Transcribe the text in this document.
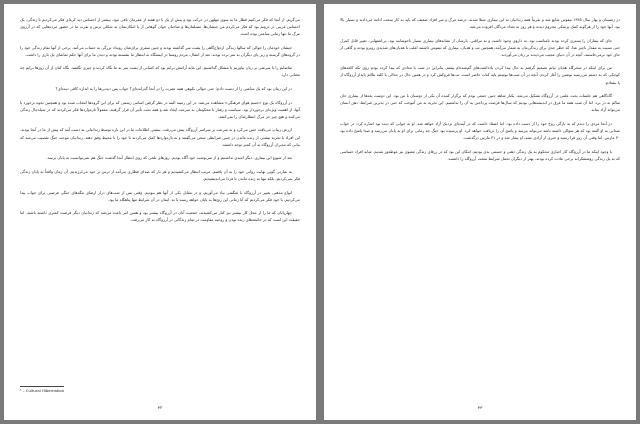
می‌گریم. از آنجا که فکر می‌کنیم قطار ما به سوی مهلهن در حرکت بود و پیش از یک با دو هفته از عمرمان باقی نبود، بیشتر از احساس دید کره‌ای فکر می‌کردیم تا زندگی. یک احساس غریبی در درونم بود که فکر می‌کردم من جیشان‌ها، مسلمان‌ها و صاحبان جوان گوهاتی از یا امکان‌شان به شکلی ترس و نفرت ما در حضور مرده‌هایی که در آرزوی مرگ ما تنها زمانی ساعتی بوده است.

جیشان خودمان را حوالی که سالها زندگی ازدواج‌گاهی را پشت سر گذاشته بودند و چنین سفری برای‌شان رویداد بزرگی به حساب می‌آمد. برخی از آنها تمام زندگی خود را در گروه‌های گرسنه و زیر پای دیگران به سر برده بودند. بعد از انتقال، مردم روستا در ایستگاه به انتظار ما نشسته بودند و دیدن ما برای آنها حکم تماشای یک بازی را داشت.

تقاضایم را با سرعتی بر زبان بیاوریم یا مشکل گذاشتیم. این مایه آرامش برایم بود که کسانی از پشت سر به ما نگاه کردند و چیزی نگفتند. نگاه کنان از آن روزها برایم چه معنایی دارد.

در این زمان بود که یک ساعتی را از دست دادم؛ حتی حوالی نکوهی همه عمرت را در آنجا گذرانده‌ای؟ جواب پس دیدنی‌ها را به اندازه کافی دیده‌ای؟

در آرزوگاه یک نوع «جسم هوای فرهنگی» مشاهده می‌شد. در این زمینه البته در نظر گرفتن اسامی رسمی که برای این گروه‌ها انتخاب شده بود و همچنین نحوه برخورد با آنها، از اهمیت ویژه‌ای برخوردار بود. سیاست و رفتار با محکومان به سرعت ایجاد شد و همه تحت تأثیر آن قرار گرفتند. معمولاً تازه‌واردها فکر می‌کردند که در سیاه‌چال زندگی می‌کنند و هیچ چیز جز مرگ انتظارشان را نمی‌کشد.

ارزش زیباپ می‌یافت حس می‌کرد و به سرعت بر سراسر آرزوگاه پیش می‌رفت. بیشتر، اطلاعات ما در این بازه توسط زندانیانی به دست آمد که پیش از ما در آنجا بودند. این افراد با تجربه بیشتر، از زنده ماندن در چنین شرایطی سخن می‌گفتند و به تازه‌واردها کمک می‌کردند تا خود را با محیط وفق دهند. زندانیان موجب جنگ تقصیب می‌شد که بیانی که مدیران آرزوگاه به آن کمتر توجه داشتند.

بعد از شیوع این بیماری، دیگر امیدی نداشتیم و از سرنوشت خود آگاه بودیم. روزهای تلخی که روی انتظار آنجا گذشت جنگ هم نمی‌توانست به پایان برسد.

به عبارتی گویی نهایت روانی خود را به آن یافتیم. مرتب انتظار می‌کشیدیم و هر بار که صدای قطاری می‌آمد از ترس بر خود می‌لرزیدیم. آن زمان واقعاً به پایان زندگی فکر نمی‌کردیم، بلکه تنها به زنده ماندن تا فردا می‌اندیشیدیم.

انواع مذهبی تغییر در آرزوگاه با شگفتی بیاد می‌آوریم، و در مقابل یکی از آنها هم نبودیم. وقتی پس از شب‌های دراز ارضای تنگه‌های جنگی فرصتی برای خواب پیدا می‌کردیم، با خود فکر می‌کردیم که آیا زمانی این رنج‌ها به پایان خواهد رسید یا نه. ایمان در آن شرایط تنها پناهگاه ما بود.

چهارپایان که ما را از محل کار بیشتر نیز کنار می‌کشیدند، جمعیت آنان در آرزوگاه بیشتر بود و همین امر باعث می‌شد که زندانیان دیگر فرصت کمتری داشته باشند. اما حقیقت این است که در جامعه‌های زنده بودن و روحیه مقاومت در تمام زندگانی در آرزوگاه به کار می‌رفت.

¹ – Cultural Hibernation
۳۲

در زمستان و بهار سال ۱۹۴۵ تیفوس شایع شد و تقریباً همه زندانیان به این بیماری مبتلا شدند. درصد مرگ و میر افزاد ضعیف که باید به کار سخت ادامه می‌دادند و بسیار بالا بود. آنها خود را از هرگونه کمک پزشکی محروم دیدند و هر روز به تعداد مردگان افزوده می‌شد.

جای که بیماران را بستری کرده بودند نامناسب بود. نه داروی وجود داشت و نه مراقبی. پارسان از نشانه‌های بیماری بسیار ناخوشایند بود. بی‌اشتهایی، تغییر قابل کنترل حتی نسبت به مقدار ناچیز غذا، که خطر جدی برای زندگی‌مان به شمار می‌آمد، همچنین تب و هذیان. بیماری که تیفوس داشتند اغلب با هذیان‌های شدیدی روبرو بودند و گاهی از جای خود برمی‌خاستند، آنچه در آن دنیای عجیب می‌دیدند بر زبان می‌آوردند.

من برای اینکه در سحرگاه هذیان نیابم تصمیم گرفتم به حال پیدا کردن یادداشت‌های گم‌شده‌ام بیفتم. بنابراین در شب با مدادی که پیدا کرده بودم روی تکه کاغذهای کوچکی که به دستم می‌رسید نوشتن را آغاز کردم. آنچه در آن شب‌ها نوشتم پایه کتاب حاضر است. تب‌ها فروکش کرد و در همین حال در جدالی با کلیه علائم پایدار آرزوگاه از پا نیفتادم.

گاه‌گاهی هم جلسات بحث علمی در آرزوگاه تشکیل می‌شد. یکبار شاهد چنین جمعی بودم که برگزار کننده آن یکی از دوستان با من بود. این دوست بعدها از بیماری جان سالم به در برد، اما آن شب همه ما غرق در اندیشه‌هایی بودیم که سال‌ها فرصت پرداختن به آن را نداشتیم. این تجربه به من آموخت که حتی در بدترین شرایط، ذهن انسان می‌تواند آزاد بماند.

در آنجا مردی را دیدم که به تازگی روح خود را از دست داده بود. اما اعتقاد داشت که در آینده‌ای نزدیک آزاد خواهد شد. او به خوابی که دیده بود اشاره کرد: در خواب صدایی به او گفته بود که هر سؤالی داشته باشد می‌تواند بپرسد و پاسخ آن را دریافت خواهد کرد. او پرسیده بود جنگ چه زمانی برای او به پایان می‌رسد و صدا پاسخ داده بود ۳۰ مارس. اما وقتی آن روز فرا رسید و خبری از آزادی نشد، او بیمار شد و در ۳۱ مارس درگذشت.

با وجود اینکه ما در آرزوگاه کار اجباری محکوم به یک زندگی ذهنی و جسمی بدی بودیم، امکان این بود که در زرفای زندگی معنوی نیز غوطه‌ور شدیم. شاید افراد حساسی که به یک زندگی روشنفکرانه برخی عادت کرده بودند، بهتر از دیگران تحمل شرایط سخت آرزوگاه را داشتند.

۳۳
